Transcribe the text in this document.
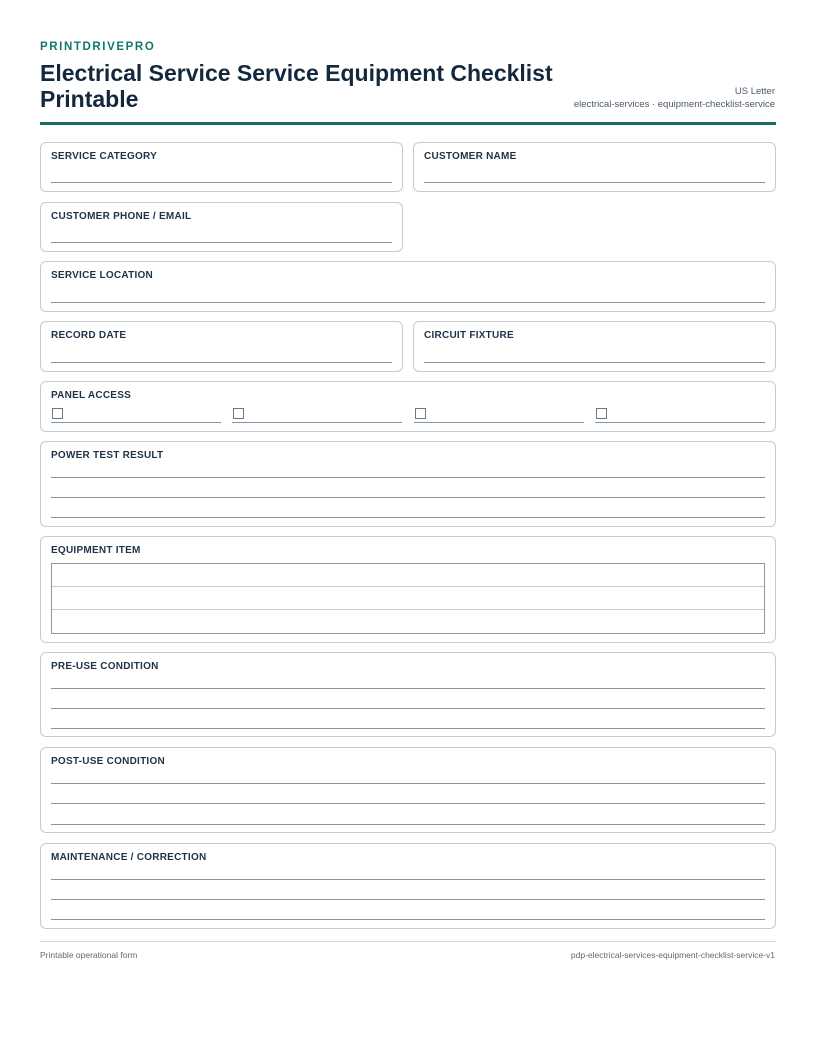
PRINTDRIVEPRO
Electrical Service Service Equipment Checklist Printable	US Letter
electrical-services · equipment-checklist-service
SERVICE CATEGORY	CUSTOMER NAME
CUSTOMER PHONE / EMAIL
SERVICE LOCATION
RECORD DATE	CIRCUIT FIXTURE
PANEL ACCESS
POWER TEST RESULT
EQUIPMENT ITEM
PRE-USE CONDITION
POST-USE CONDITION
MAINTENANCE / CORRECTION
Printable operational form	pdp-electrical-services-equipment-checklist-service-v1
